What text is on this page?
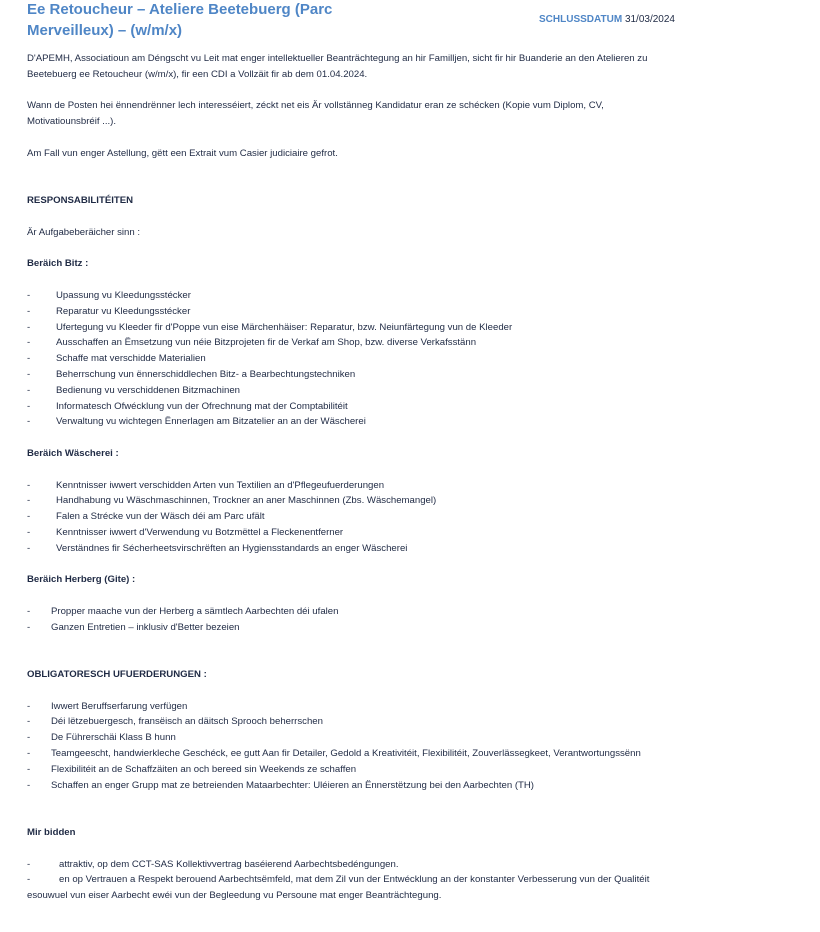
Ee Retoucheur – Ateliere Beetebuerg (Parc Merveilleux) – (w/m/x)
SCHLUSSDATUM 31/03/2024

D'APEMH, Associatioun am Déngscht vu Leit mat enger intellektueller Beanträchtegung an hir Familljen, sicht fir hir Buanderie an den Atelieren zu Beetebuerg ee Retoucheur (w/m/x), fir een CDI a Vollzäit fir ab dem 01.04.2024.

Wann de Posten hei ënnendrënner lech interesséiert, zéckt net eis Är vollstänneg Kandidatur eran ze schécken (Kopie vum Diplom, CV, Motivatiounsbréif ...).

Am Fall vun enger Astellung, gëtt een Extrait vum Casier judiciaire gefrot.

RESPONSABILITÉITEN

Är Aufgabeberäicher sinn :

Beräich Bitz :

-	Upassung vu Kleedungsstécker
-	Reparatur vu Kleedungsstécker
-	Ufertegung vu Kleeder fir d'Poppe vun eise Märchenhäiser: Reparatur, bzw. Neiunfärtegung vun de Kleeder
-	Ausschaffen an Ëmsetzung vun néie Bitzprojeten fir de Verkaf am Shop, bzw. diverse Verkafsstänn
-	Schaffe mat verschidde Materialien
-	Beherrschung vun ënnerschiddlechen Bitz- a Bearbechtungstechniken
-	Bedienung vu verschiddenen Bitzmachinen
-	Informatesch Ofwécklung vun der Ofrechnung mat der Comptabilitéit
-	Verwaltung vu wichtegen Ënnerlagen am Bitzatelier an an der Wäscherei

Beräich Wäscherei :

-	Kenntnisser iwwert verschidden Arten vun Textilien an d'Pflegeufuerderungen
-	Handhabung vu Wäschmaschinnen, Trockner an aner Maschinnen (Zbs. Wäschemangel)
-	Falen a Strécke vun der Wäsch déi am Parc ufält
-	Kenntnisser iwwert d'Verwendung vu Botzmëttel a Fleckenentferner
-	Verständnes fir Sécherheetsvirschrëften an Hygiensstandards an enger Wäscherei

Beräich Herberg (Gite) :

-	Propper maache vun der Herberg a sämtlech Aarbechten déi ufalen
-	Ganzen Entretien – inklusiv d'Better bezeien

OBLIGATORESCH UFUERDERUNGEN :

-	Iwwert Beruffserfarung verfügen
-	Déi lëtzebuergesch, fransëisch an däitsch Sprooch beherrschen
-	De Führerschäi Klass B hunn
- Teamgeescht, handwierkleche Geschéck, ee gutt Aan fir Detailer, Gedold a Kreativitéit, Flexibilitéit, Zouverlässegkeet, Verantwortungssënn
-	Flexibilitéit an de Schaffzäiten an och bereed sin Weekends ze schaffen
-	Schaffen an enger Grupp mat ze betreienden Mataarbechter: Uléieren an Ënnerstëtzung bei den Aarbechten (TH)

Mir bidden

-	attraktiv, op dem CCT-SAS Kollektivvertrag baséierend Aarbechtsbedéngungen.
-	en op Vertrauen a Respekt berouend Aarbechtsëmfeld, mat dem Zil vun der Entwécklung an der konstanter Verbesserung vun der Qualitéit esouwuel vun eiser Aarbecht ewéi vun der Begleedung vu Persoune mat enger Beanträchtegung.
